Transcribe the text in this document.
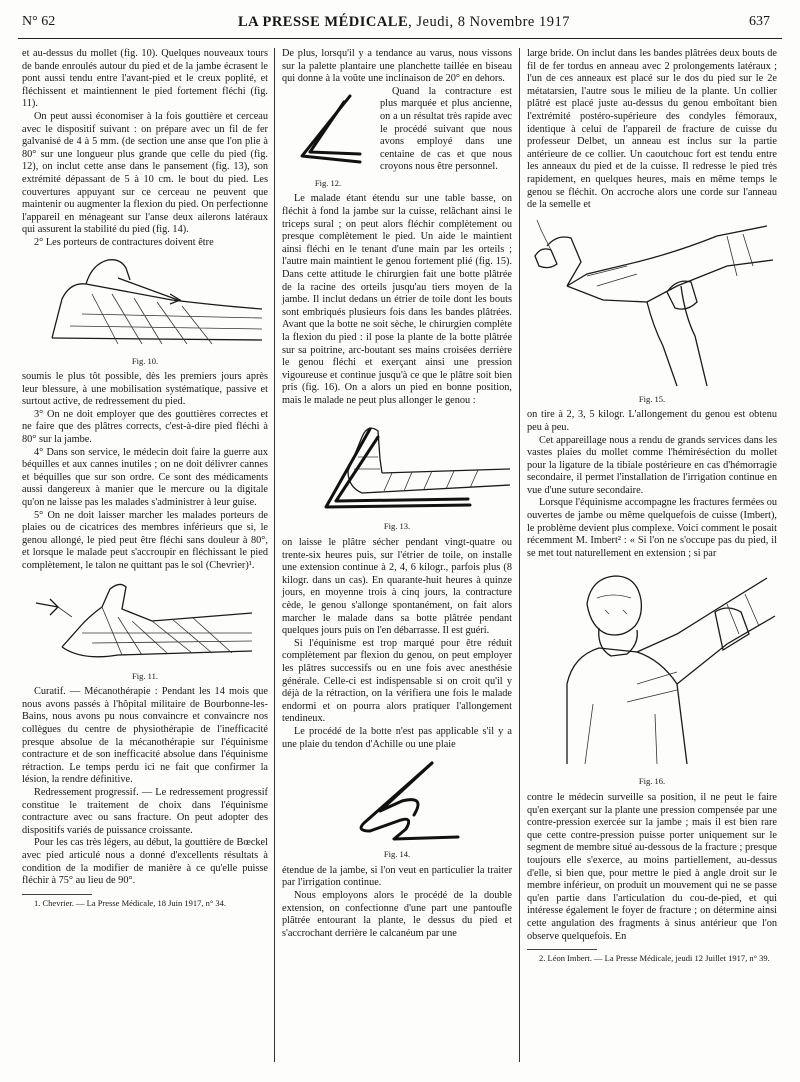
N° 62	LA PRESSE MÉDICALE, Jeudi, 8 Novembre 1917	637

et au-dessus du mollet (fig. 10). Quelques nouveaux tours de bande enroulés autour du pied et de la jambe écrasent le pont aussi tendu entre l'avant-pied et le creux poplité, et fléchissent et maintiennent le pied fortement fléchi (fig. 11).

On peut aussi économiser à la fois gouttière et cerceau avec le dispositif suivant : on prépare avec un fil de fer galvanisé de 4 à 5 mm. (de section une anse que l'on plie à 80° sur une longueur plus grande que celle du pied (fig. 12), on inclut cette anse dans le pansement (fig. 13), son extrémité dépassant de 5 à 10 cm. le bout du pied. Les couvertures appuyant sur ce cerceau ne peuvent que maintenir ou augmenter la flexion du pied. On perfectionne l'appareil en ménageant sur l'anse deux ailerons latéraux qui assurent la stabilité du pied (fig. 14).

2° Les porteurs de contractures doivent être

Fig. 10.

soumis le plus tôt possible, dès les premiers jours après leur blessure, à une mobilisation systématique, passive et surtout active, de redressement du pied.

3° On ne doit employer que des gouttières correctes et ne faire que des plâtres corrects, c'est-à-dire pied fléchi à 80° sur la jambe.

4° Dans son service, le médecin doit faire la guerre aux béquilles et aux cannes inutiles ; on ne doit délivrer cannes et béquilles que sur son ordre. Ce sont des médicaments aussi dangereux à manier que le mercure ou la digitale qu'on ne laisse pas les malades s'administrer à leur guise.

5° On ne doit laisser marcher les malades porteurs de plaies ou de cicatrices des membres inférieurs que si, le genou allongé, le pied peut être fléchi sans douleur à 80°, et lorsque le malade peut s'accroupir en fléchissant le pied complètement, le talon ne quittant pas le sol (Chevrier)¹.

Fig. 11.

Curatif. — Mécanothérapie : Pendant les 14 mois que nous avons passés à l'hôpital militaire de Bourbonne-les-Bains, nous avons pu nous convaincre et convaincre nos collègues du centre de physiothérapie de l'inefficacité presque absolue de la mécanothérapie sur l'équinisme contracture et de son inefficacité absolue dans l'équinisme rétraction. Le temps perdu ici ne fait que confirmer la lésion, la rendre définitive.

Redressement progressif. — Le redressement progressif constitue le traitement de choix dans l'équinisme contracture avec ou sans fracture. On peut adopter des dispositifs variés de puissance croissante.

Pour les cas très légers, au début, la gouttière de Bœckel avec pied articulé nous a donné d'excellents résultats à condition de la modifier de manière à ce qu'elle puisse fléchir à 75° au lieu de 90°.

1. Chevrier. — La Presse Médicale, 18 Juin 1917, n° 34.

De plus, lorsqu'il y a tendance au varus, nous vissons sur la palette plantaire une planchette taillée en biseau qui donne à la voûte une inclinaison de 20° en dehors.

Fig. 12.

Quand la contracture est plus marquée et plus ancienne, on a un résultat très rapide avec le procédé suivant que nous avons employé dans une centaine de cas et que nous croyons nous être personnel.

Le malade étant étendu sur une table basse, on fléchit à fond la jambe sur la cuisse, relâchant ainsi le triceps sural ; on peut alors fléchir complètement ou presque complètement le pied. Un aide le maintient ainsi fléchi en le tenant d'une main par les orteils ; l'autre main maintient le genou fortement plié (fig. 15). Dans cette attitude le chirurgien fait une botte plâtrée de la racine des orteils jusqu'au tiers moyen de la jambe. Il inclut dedans un étrier de toile dont les bouts sont embriqués plusieurs fois dans les bandes plâtrées. Avant que la botte ne soit sèche, le chirurgien complète la flexion du pied : il pose la plante de la botte plâtrée sur sa poitrine, arc-boutant ses mains croisées derrière le genou fléchi et exerçant ainsi une pression vigoureuse et continue jusqu'à ce que le plâtre soit bien pris (fig. 16). On a alors un pied en bonne position, mais le malade ne peut plus allonger le genou :

Fig. 13.

on laisse le plâtre sécher pendant vingt-quatre ou trente-six heures puis, sur l'étrier de toile, on installe une extension continue à 2, 4, 6 kilogr., parfois plus (8 kilogr. dans un cas). En quarante-huit heures à quinze jours, en moyenne trois à cinq jours, la contracture cède, le genou s'allonge spontanément, on fait alors marcher le malade dans sa botte plâtrée pendant quelques jours puis on l'en débarrasse. Il est guéri.

Si l'équinisme est trop marqué pour être réduit complètement par flexion du genou, on peut employer les plâtres successifs ou en une fois avec anesthésie générale. Celle-ci est indispensable si on croit qu'il y déjà de la rétraction, on la vérifiera une fois le malade endormi et on pourra alors pratiquer l'allongement tendineux.

Le procédé de la botte n'est pas applicable s'il y a une plaie du tendon d'Achille ou une plaie

Fig. 14.

étendue de la jambe, si l'on veut en particulier la traiter par l'irrigation continue.

Nous employons alors le procédé de la double extension, on confectionne d'une part une pantoufle plâtrée entourant la plante, le dessus du pied et s'accrochant derrière le calcanéum par une

large bride. On inclut dans les bandes plâtrées deux bouts de fil de fer tordus en anneau avec 2 prolongements latéraux ; l'un de ces anneaux est placé sur le dos du pied sur le 2e métatarsien, l'autre sous le milieu de la plante. Un collier plâtré est placé juste au-dessus du genou emboîtant bien l'extrémité postéro-supérieure des condyles fémoraux, identique à celui de l'appareil de fracture de cuisse du professeur Delbet, un anneau est inclus sur la partie antérieure de ce collier. Un caoutchouc fort est tendu entre les anneaux du pied et de la cuisse. Il redresse le pied très rapidement, en quelques heures, mais en même temps le genou se fléchit. On accroche alors une corde sur l'anneau de la semelle et

Fig. 15.

on tire à 2, 3, 5 kilogr. L'allongement du genou est obtenu peu à peu.

Cet appareillage nous a rendu de grands services dans les vastes plaies du mollet comme l'hémiréséction du mollet pour la ligature de la tibiale postérieure en cas d'hémorragie secondaire, il permet l'installation de l'irrigation continue en vue d'une suture secondaire.

Lorsque l'équinisme accompagne les fractures fermées ou ouvertes de jambe ou même quelquefois de cuisse (Imbert), le problème devient plus complexe. Voici comment le posait récemment M. Imbert² : « Si l'on ne s'occupe pas du pied, il se met tout naturellement en extension ; si par

Fig. 16.

contre le médecin surveille sa position, il ne peut le faire qu'en exerçant sur la plante une pression compensée par une contre-pression exercée sur la jambe ; mais il est bien rare que cette contre-pression puisse porter uniquement sur le segment de membre situé au-dessous de la fracture ; presque toujours elle s'exerce, au moins partiellement, au-dessus d'elle, si bien que, pour mettre le pied à angle droit sur le membre inférieur, on produit un mouvement qui ne se passe qu'en partie dans l'articulation du cou-de-pied, et qui intéresse également le foyer de fracture ; on détermine ainsi cette angulation des fragments à sinus antérieur que l'on observe quelquefois. En

2. Léon Imbert. — La Presse Médicale, jeudi 12 Juillet 1917, n° 39.
